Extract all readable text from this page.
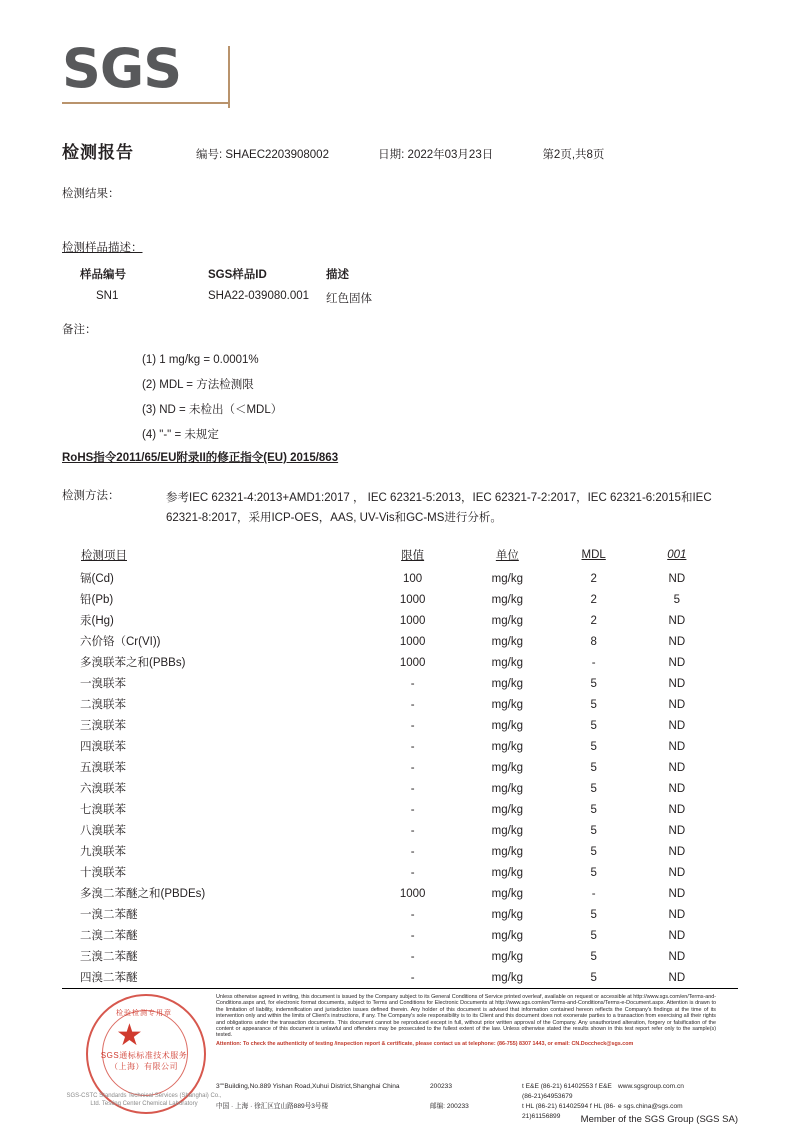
SGS
检测报告	编号: SHAEC2203908002	日期: 2022年03月23日	第2页,共8页
检测结果：
检测样品描述：
样品编号	SGS样品ID	描述
SN1	SHA22-039080.001	红色固体
备注：
(1) 1 mg/kg = 0.0001%
(2) MDL = 方法检测限
(3) ND = 未检出（＜MDL）
(4) "-" = 未规定
RoHS指令2011/65/EU附录II的修正指令(EU) 2015/863
检测方法：	参考IEC 62321-4:2013+AMD1:2017 ， IEC 62321-5:2013，IEC 62321-7-2:2017，IEC 62321-6:2015和IEC 62321-8:2017，采用ICP-OES，AAS, UV-Vis和GC-MS进行分析。
检测项目	限值	单位	MDL	001
镉(Cd)	100	mg/kg	2	ND
铅(Pb)	1000	mg/kg	2	5
汞(Hg)	1000	mg/kg	2	ND
六价铬（Cr(VI))	1000	mg/kg	8	ND
多溴联苯之和(PBBs)	1000	mg/kg	-	ND
一溴联苯	-	mg/kg	5	ND
二溴联苯	-	mg/kg	5	ND
三溴联苯	-	mg/kg	5	ND
四溴联苯	-	mg/kg	5	ND
五溴联苯	-	mg/kg	5	ND
六溴联苯	-	mg/kg	5	ND
七溴联苯	-	mg/kg	5	ND
八溴联苯	-	mg/kg	5	ND
九溴联苯	-	mg/kg	5	ND
十溴联苯	-	mg/kg	5	ND
多溴二苯醚之和(PBDEs)	1000	mg/kg	-	ND
一溴二苯醚	-	mg/kg	5	ND
二溴二苯醚	-	mg/kg	5	ND
三溴二苯醚	-	mg/kg	5	ND
四溴二苯醚	-	mg/kg	5	ND
检验检测专用章
★
SGS通标标准技术服务（上海）有限公司
SGS-CSTC Standards Technical Services (Shanghai) Co., Ltd. Testing Center Chemical Laboratory
Unless otherwise agreed in writing, this document is issued by the Company subject to its General Conditions of Service printed overleaf, available on request or accessible at http://www.sgs.com/en/Terms-and-Conditions.aspx and, for electronic format documents, subject to Terms and Conditions for Electronic Documents at http://www.sgs.com/en/Terms-and-Conditions/Terms-e-Document.aspx. Attention is drawn to the limitation of liability, indemnification and jurisdiction issues defined therein. Any holder of this document is advised that information contained hereon reflects the Company's findings at the time of its intervention only and within the limits of Client's instructions, if any. The Company's sole responsibility is to its Client and this document does not exonerate parties to a transaction from exercising all their rights and obligations under the transaction documents. This document cannot be reproduced except in full, without prior written approval of the Company. Any unauthorized alteration, forgery or falsification of the content or appearance of this document is unlawful and offenders may be prosecuted to the fullest extent of the law. Unless otherwise stated the results shown in this test report refer only to the sample(s) tested.
Attention: To check the authenticity of testing /inspection report & certificate, please contact us at telephone: (86-755) 8307 1443, or email: CN.Doccheck@sgs.com
3""Building,No.889 Yishan Road,Xuhui District,Shanghai China	200233	t E&E (86-21) 61402553 f E&E (86-21)64953679
www.sgsgroup.com.cn
中国 · 上海 · 徐汇区宜山路889号3号楼	邮编: 200233	t HL (86-21) 61402594 f HL (86-21)61156899
e sgs.china@sgs.com
Member of the SGS Group (SGS SA)
